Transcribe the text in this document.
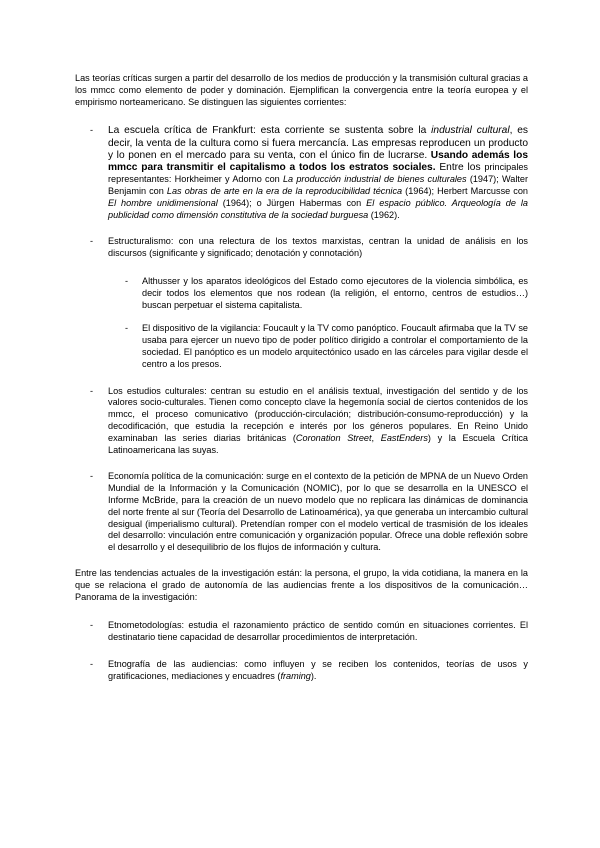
Las teorías críticas surgen a partir del desarrollo de los medios de producción y la transmisión cultural gracias a los mmcc como elemento de poder y dominación. Ejemplifican la convergencia entre la teoría europea y el empirismo norteamericano. Se distinguen las siguientes corrientes:

- La escuela crítica de Frankfurt: esta corriente se sustenta sobre la industrial cultural, es decir, la venta de la cultura como si fuera mercancía. Las empresas reproducen un producto y lo ponen en el mercado para su venta, con el único fin de lucrarse. Usando además los mmcc para transmitir el capitalismo a todos los estratos sociales. Entre los principales representantes: Horkheimer y Adorno con La producción industrial de bienes culturales (1947); Walter Benjamin con Las obras de arte en la era de la reproducibilidad técnica (1964); Herbert Marcusse con El hombre unidimensional (1964); o Jürgen Habermas con El espacio público. Arqueología de la publicidad como dimensión constitutiva de la sociedad burguesa (1962).
- Estructuralismo: con una relectura de los textos marxistas, centran la unidad de análisis en los discursos (significante y significado; denotación y connotación)
- Althusser y los aparatos ideológicos del Estado como ejecutores de la violencia simbólica, es decir todos los elementos que nos rodean (la religión, el entorno, centros de estudios…) buscan perpetuar el sistema capitalista.
- El dispositivo de la vigilancia: Foucault y la TV como panóptico. Foucault afirmaba que la TV se usaba para ejercer un nuevo tipo de poder político dirigido a controlar el comportamiento de la sociedad. El panóptico es un modelo arquitectónico usado en las cárceles para vigilar desde el centro a los presos.
- Los estudios culturales: centran su estudio en el análisis textual, investigación del sentido y de los valores socio-culturales. Tienen como concepto clave la hegemonía social de ciertos contenidos de los mmcc, el proceso comunicativo (producción-circulación; distribución-consumo-reproducción) y la decodificación, que estudia la recepción e interés por los géneros populares. En Reino Unido examinaban las series diarias británicas (Coronation Street, EastEnders) y la Escuela Crítica Latinoamericana las suyas.
- Economía política de la comunicación: surge en el contexto de la petición de MPNA de un Nuevo Orden Mundial de la Información y la Comunicación (NOMIC), por lo que se desarrolla en la UNESCO el Informe McBride, para la creación de un nuevo modelo que no replicara las dinámicas de dominancia del norte frente al sur (Teoría del Desarrollo de Latinoamérica), ya que generaba un intercambio cultural desigual (imperialismo cultural). Pretendían romper con el modelo vertical de trasmisión de los ideales del desarrollo: vinculación entre comunicación y organización popular. Ofrece una doble reflexión sobre el desarrollo y el desequilibrio de los flujos de información y cultura.

Entre las tendencias actuales de la investigación están: la persona, el grupo, la vida cotidiana, la manera en la que se relaciona el grado de autonomía de las audiencias frente a los dispositivos de la comunicación… Panorama de la investigación:

- Etnometodologías: estudia el razonamiento práctico de sentido común en situaciones corrientes. El destinatario tiene capacidad de desarrollar procedimientos de interpretación.
- Etnografía de las audiencias: como influyen y se reciben los contenidos, teorías de usos y gratificaciones, mediaciones y encuadres (framing).
